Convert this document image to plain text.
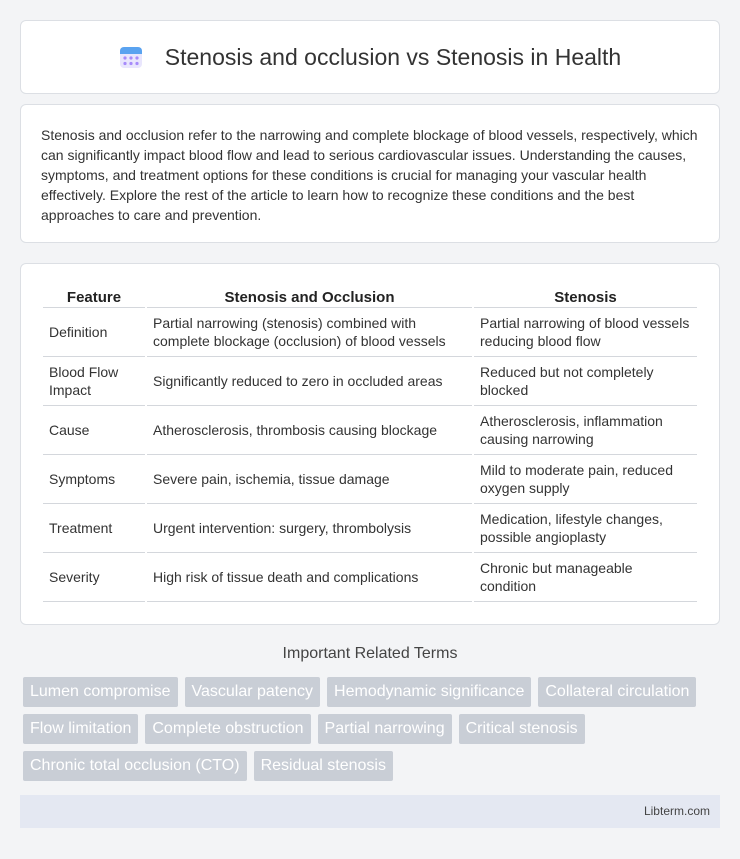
Stenosis and occlusion vs Stenosis in Health

Stenosis and occlusion refer to the narrowing and complete blockage of blood vessels, respectively, which can significantly impact blood flow and lead to serious cardiovascular issues. Understanding the causes, symptoms, and treatment options for these conditions is crucial for managing your vascular health effectively. Explore the rest of the article to learn how to recognize these conditions and the best approaches to care and prevention.

Feature	Stenosis and Occlusion	Stenosis
Definition	Partial narrowing (stenosis) combined with complete blockage (occlusion) of blood vessels	Partial narrowing of blood vessels reducing blood flow
Blood Flow Impact	Significantly reduced to zero in occluded areas	Reduced but not completely blocked
Cause	Atherosclerosis, thrombosis causing blockage	Atherosclerosis, inflammation causing narrowing
Symptoms	Severe pain, ischemia, tissue damage	Mild to moderate pain, reduced oxygen supply
Treatment	Urgent intervention: surgery, thrombolysis	Medication, lifestyle changes, possible angioplasty
Severity	High risk of tissue death and complications	Chronic but manageable condition
Important Related Terms
Lumen compromise	Vascular patency	Hemodynamic significance	Collateral circulation
Flow limitation	Complete obstruction	Partial narrowing	Critical stenosis
Chronic total occlusion (CTO)	Residual stenosis
Libterm.com
